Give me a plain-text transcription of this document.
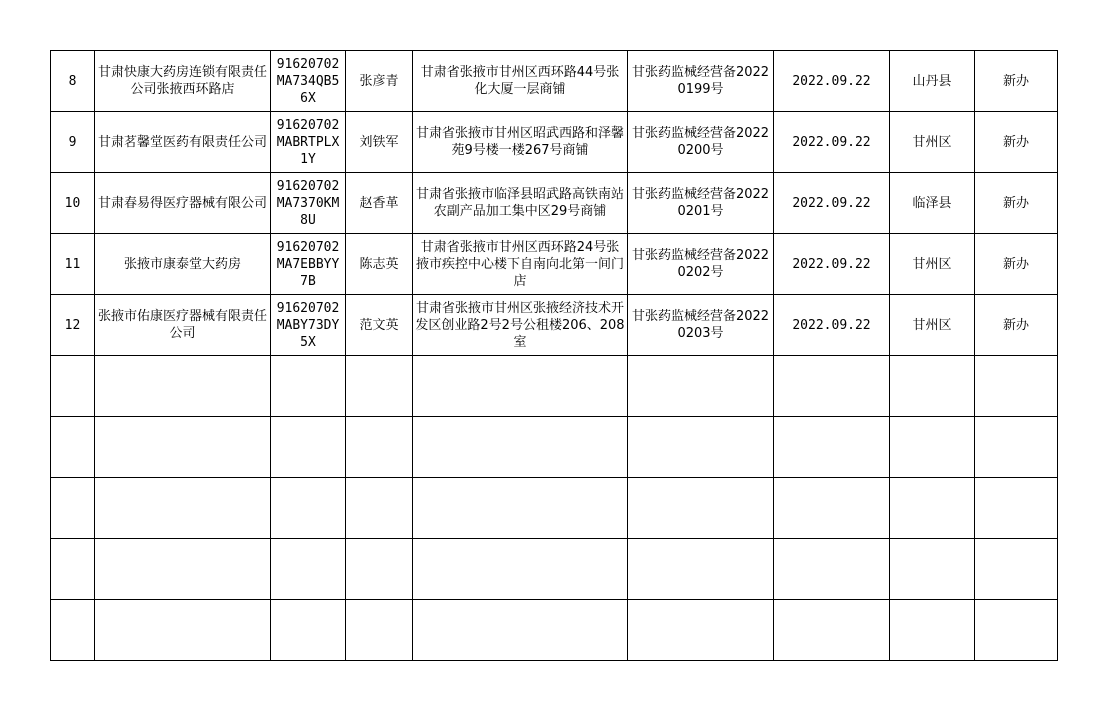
8	甘肃快康大药房连锁有限责任公司张掖西环路店	91620702MA734QB56X	张彦青	甘肃省张掖市甘州区西环路44号张化大厦一层商铺	甘张药监械经营备20220199号	2022.09.22	山丹县	新办
9	甘肃茗馨堂医药有限责任公司	91620702MABRTPLX1Y	刘铁军	甘肃省张掖市甘州区昭武西路和泽馨苑9号楼一楼267号商铺	甘张药监械经营备20220200号	2022.09.22	甘州区	新办
10	甘肃春易得医疗器械有限公司	91620702MA7370KM8U	赵香革	甘肃省张掖市临泽县昭武路高铁南站农副产品加工集中区29号商铺	甘张药监械经营备20220201号	2022.09.22	临泽县	新办
11	张掖市康泰堂大药房	91620702MA7EBBYY7B	陈志英	甘肃省张掖市甘州区西环路24号张掖市疾控中心楼下自南向北第一间门店	甘张药监械经营备20220202号	2022.09.22	甘州区	新办
12	张掖市佑康医疗器械有限责任公司	91620702MABY73DY5X	范文英	甘肃省张掖市甘州区张掖经济技术开发区创业路2号2号公租楼206、208室	甘张药监械经营备20220203号	2022.09.22	甘州区	新办
